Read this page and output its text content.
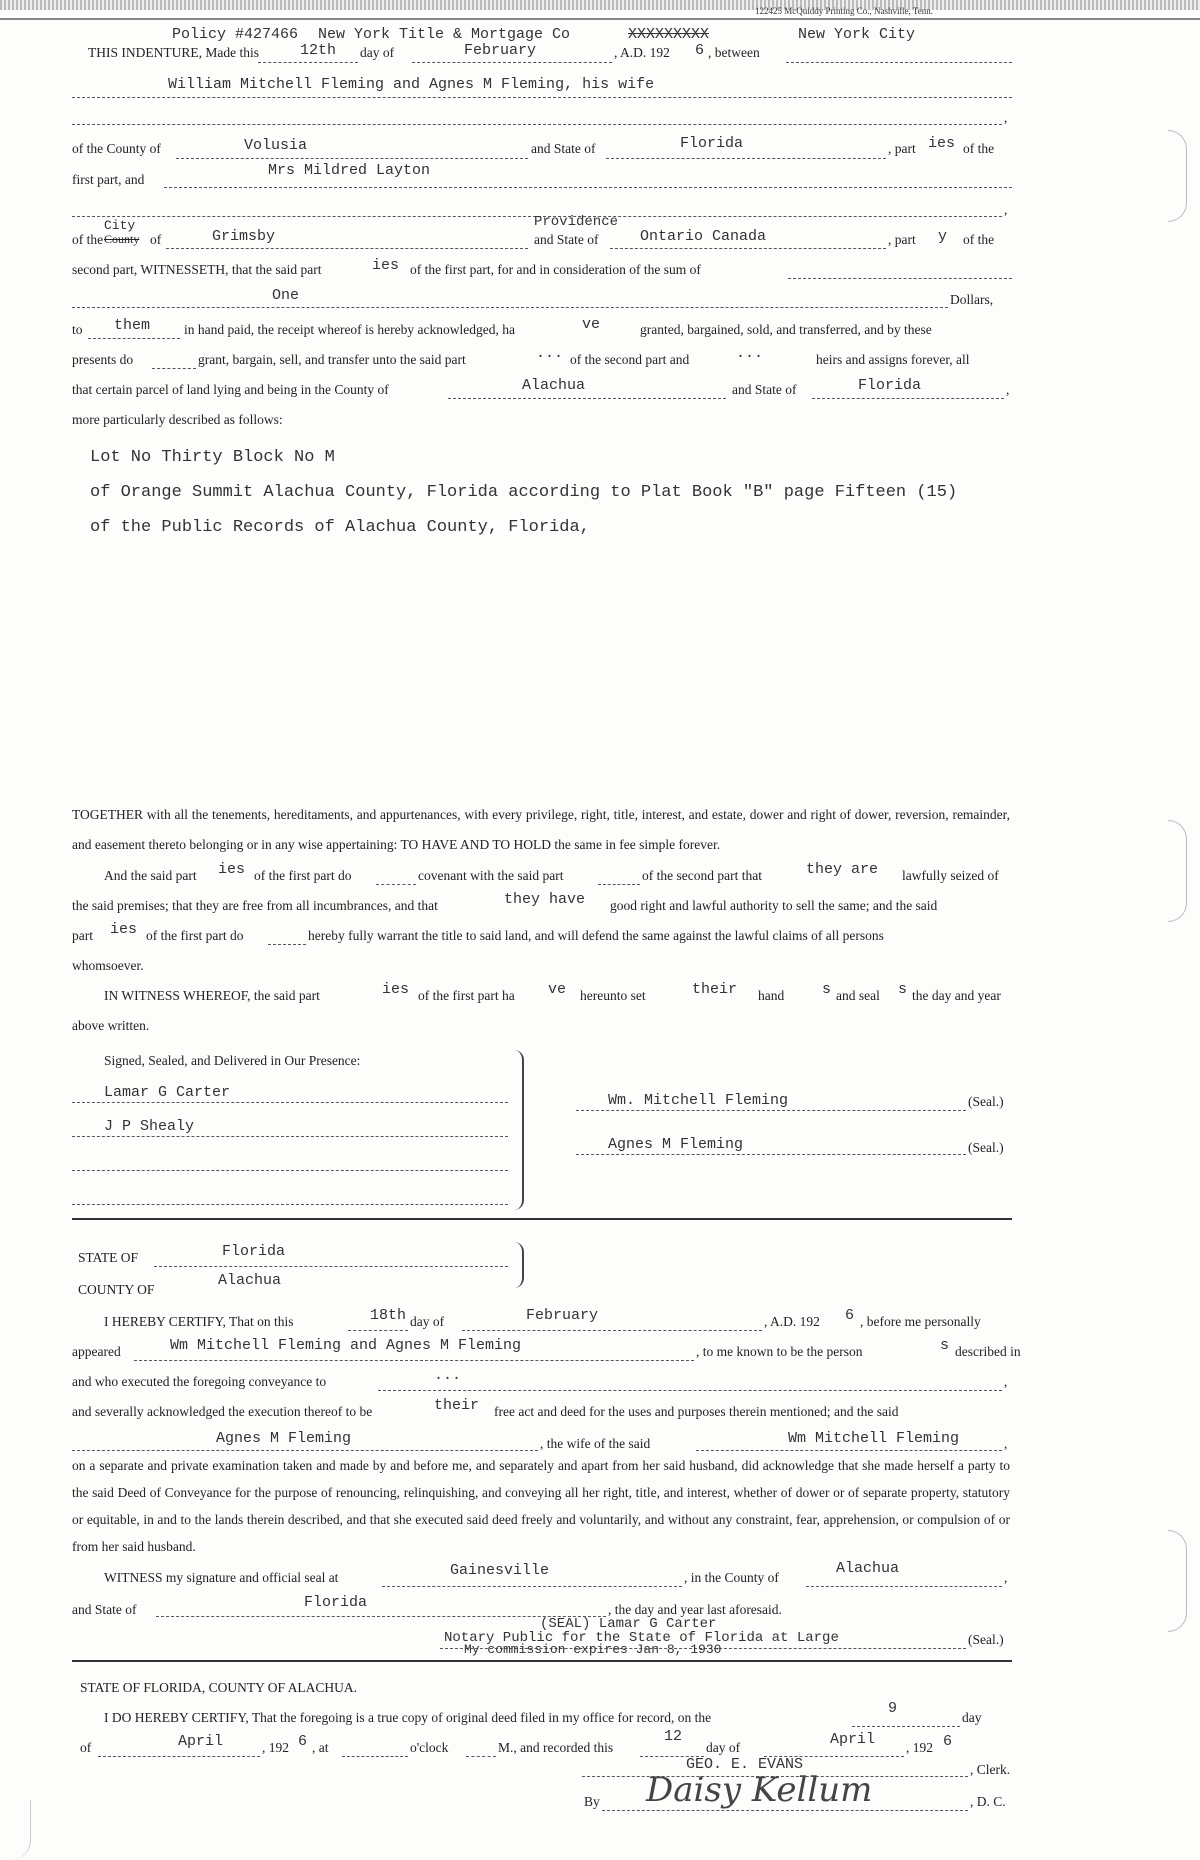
122425 McQuiddy Printing Co., Nashville, Tenn.
Policy #427466 New York Title & Mortgage Co	XXXXXXXXX	New York City
THIS INDENTURE, Made this	12th day of	February	, A.D. 192 6 , between
William Mitchell Fleming and Agnes M Fleming, his wife
,
of the County of	Volusia	and State of	Florida	, part ies of the
first part, and
Mrs Mildred Layton
,
of the
City
County of	Grimsby
Providence
and State of	Ontario Canada	, part y of the
second part, WITNESSETH, that the said part	ies of the first part, for and in consideration of the sum of
One	Dollars,
to them	in hand paid, the receipt whereof is hereby acknowledged, ha	ve	granted, bargained, sold, and transferred, and by these
presents do	grant, bargain, sell, and transfer unto the said part	... of the second part and	...	heirs and assigns forever, all
that certain parcel of land lying and being in the County of	Alachua	and State of	Florida	,
more particularly described as follows:
Lot No Thirty Block No M
of Orange Summit Alachua County, Florida according to Plat Book "B" page Fifteen (15)
of the Public Records of Alachua County, Florida,
TOGETHER with all the tenements, hereditaments, and appurtenances, with every privilege, right, title, interest, and estate, dower and right of dower, reversion, remainder, and easement thereto belonging or in any wise appertaining: TO HAVE AND TO HOLD the same in fee simple forever.
And the said part ies of the first part do	covenant with the said part	of the second part that	they are lawfully seized of
the said premises; that they are free from all incumbrances, and that	they have good right and lawful authority to sell the same; and the said
part ies of the first part do	hereby fully warrant the title to said land, and will defend the same against the lawful claims of all persons
whomsoever.
IN WITNESS WHEREOF, the said part	ies of the first part ha ve hereunto set	their hand	s and seal s the day and year
above written.
Signed, Sealed, and Delivered in Our Presence:
Lamar G Carter
J P Shealy
Wm. Mitchell Fleming	(Seal.)
Agnes M Fleming	(Seal.)
STATE OF	Florida
COUNTY OF
Alachua
I HEREBY CERTIFY, That on this	18th day of	February	, A.D. 192 6 , before me personally
appeared	Wm Mitchell Fleming and Agnes M Fleming	, to me known to be the person	s described in
and who executed the foregoing conveyance to	...	,
and severally acknowledged the execution thereof to be	their free act and deed for the uses and purposes therein mentioned; and the said
Agnes M Fleming	, the wife of the said	Wm Mitchell Fleming	,
on a separate and private examination taken and made by and before me, and separately and apart from her said husband, did acknowledge that she made herself a party to the said Deed of Conveyance for the purpose of renouncing, relinquishing, and conveying all her right, title, and interest, whether of dower or of separate property, statutory or equitable, in and to the lands therein described, and that she executed said deed freely and voluntarily, and without any constraint, fear, apprehension, or compulsion of or from her said husband.
WITNESS my signature and official seal at	Gainesville	, in the County of
Alachua
,
and State of	Florida	, the day and year last aforesaid.
(SEAL) Lamar G Carter
Notary Public for the State of Florida at Large	(Seal.)
My commission expires Jan 8, 1930
STATE OF FLORIDA, COUNTY OF ALACHUA.
I DO HEREBY CERTIFY, That the foregoing is a true copy of original deed filed in my office for record, on the
9
day
of	April	, 192 6 , at	o'clock	M., and recorded this
12
day of	April , 192 6
GEO. E. EVANS	, Clerk.
By Daisy Kellum	, D. C.
